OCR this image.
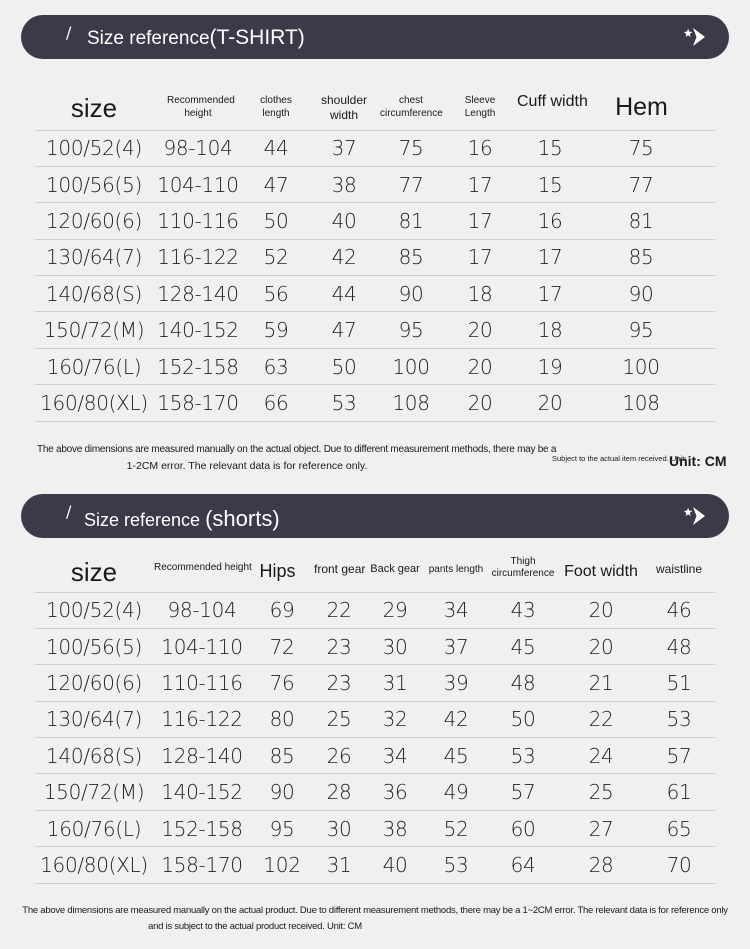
/ Size reference(T-SHIRT)
size	Recommended height	clothes length	shoulder width	chest circumference	Sleeve Length	Cuff width	Hem
100/52(4)	98-104	44	37	75	16	15	75
100/56(5)	104-110	47	38	77	17	15	77
120/60(6)	110-116	50	40	81	17	16	81
130/64(7)	116-122	52	42	85	17	17	85
140/68(S)	128-140	56	44	90	18	17	90
150/72(M)	140-152	59	47	95	20	18	95
160/76(L)	152-158	63	50	100	20	19	100
160/80(XL)	158-170	66	53	108	20	20	108
The above dimensions are measured manually on the actual object. Due to different measurement methods, there may be a
1-2CM error. The relevant data is for reference only.
Subject to the actual item received. Unit:
Unit: CM
/ Size reference (shorts)
size	Recommended height	Hips	front gear	Back gear	pants length	Thigh circumference	Foot width	waistline
100/52(4)	98-104	69	22	29	34	43	20	46
100/56(5)	104-110	72	23	30	37	45	20	48
120/60(6)	110-116	76	23	31	39	48	21	51
130/64(7)	116-122	80	25	32	42	50	22	53
140/68(S)	128-140	85	26	34	45	53	24	57
150/72(M)	140-152	90	28	36	49	57	25	61
160/76(L)	152-158	95	30	38	52	60	27	65
160/80(XL)	158-170	102	31	40	53	64	28	70
The above dimensions are measured manually on the actual product. Due to different measurement methods, there may be a 1~2CM error. The relevant data is for reference only
and is subject to the actual product received. Unit: CM
